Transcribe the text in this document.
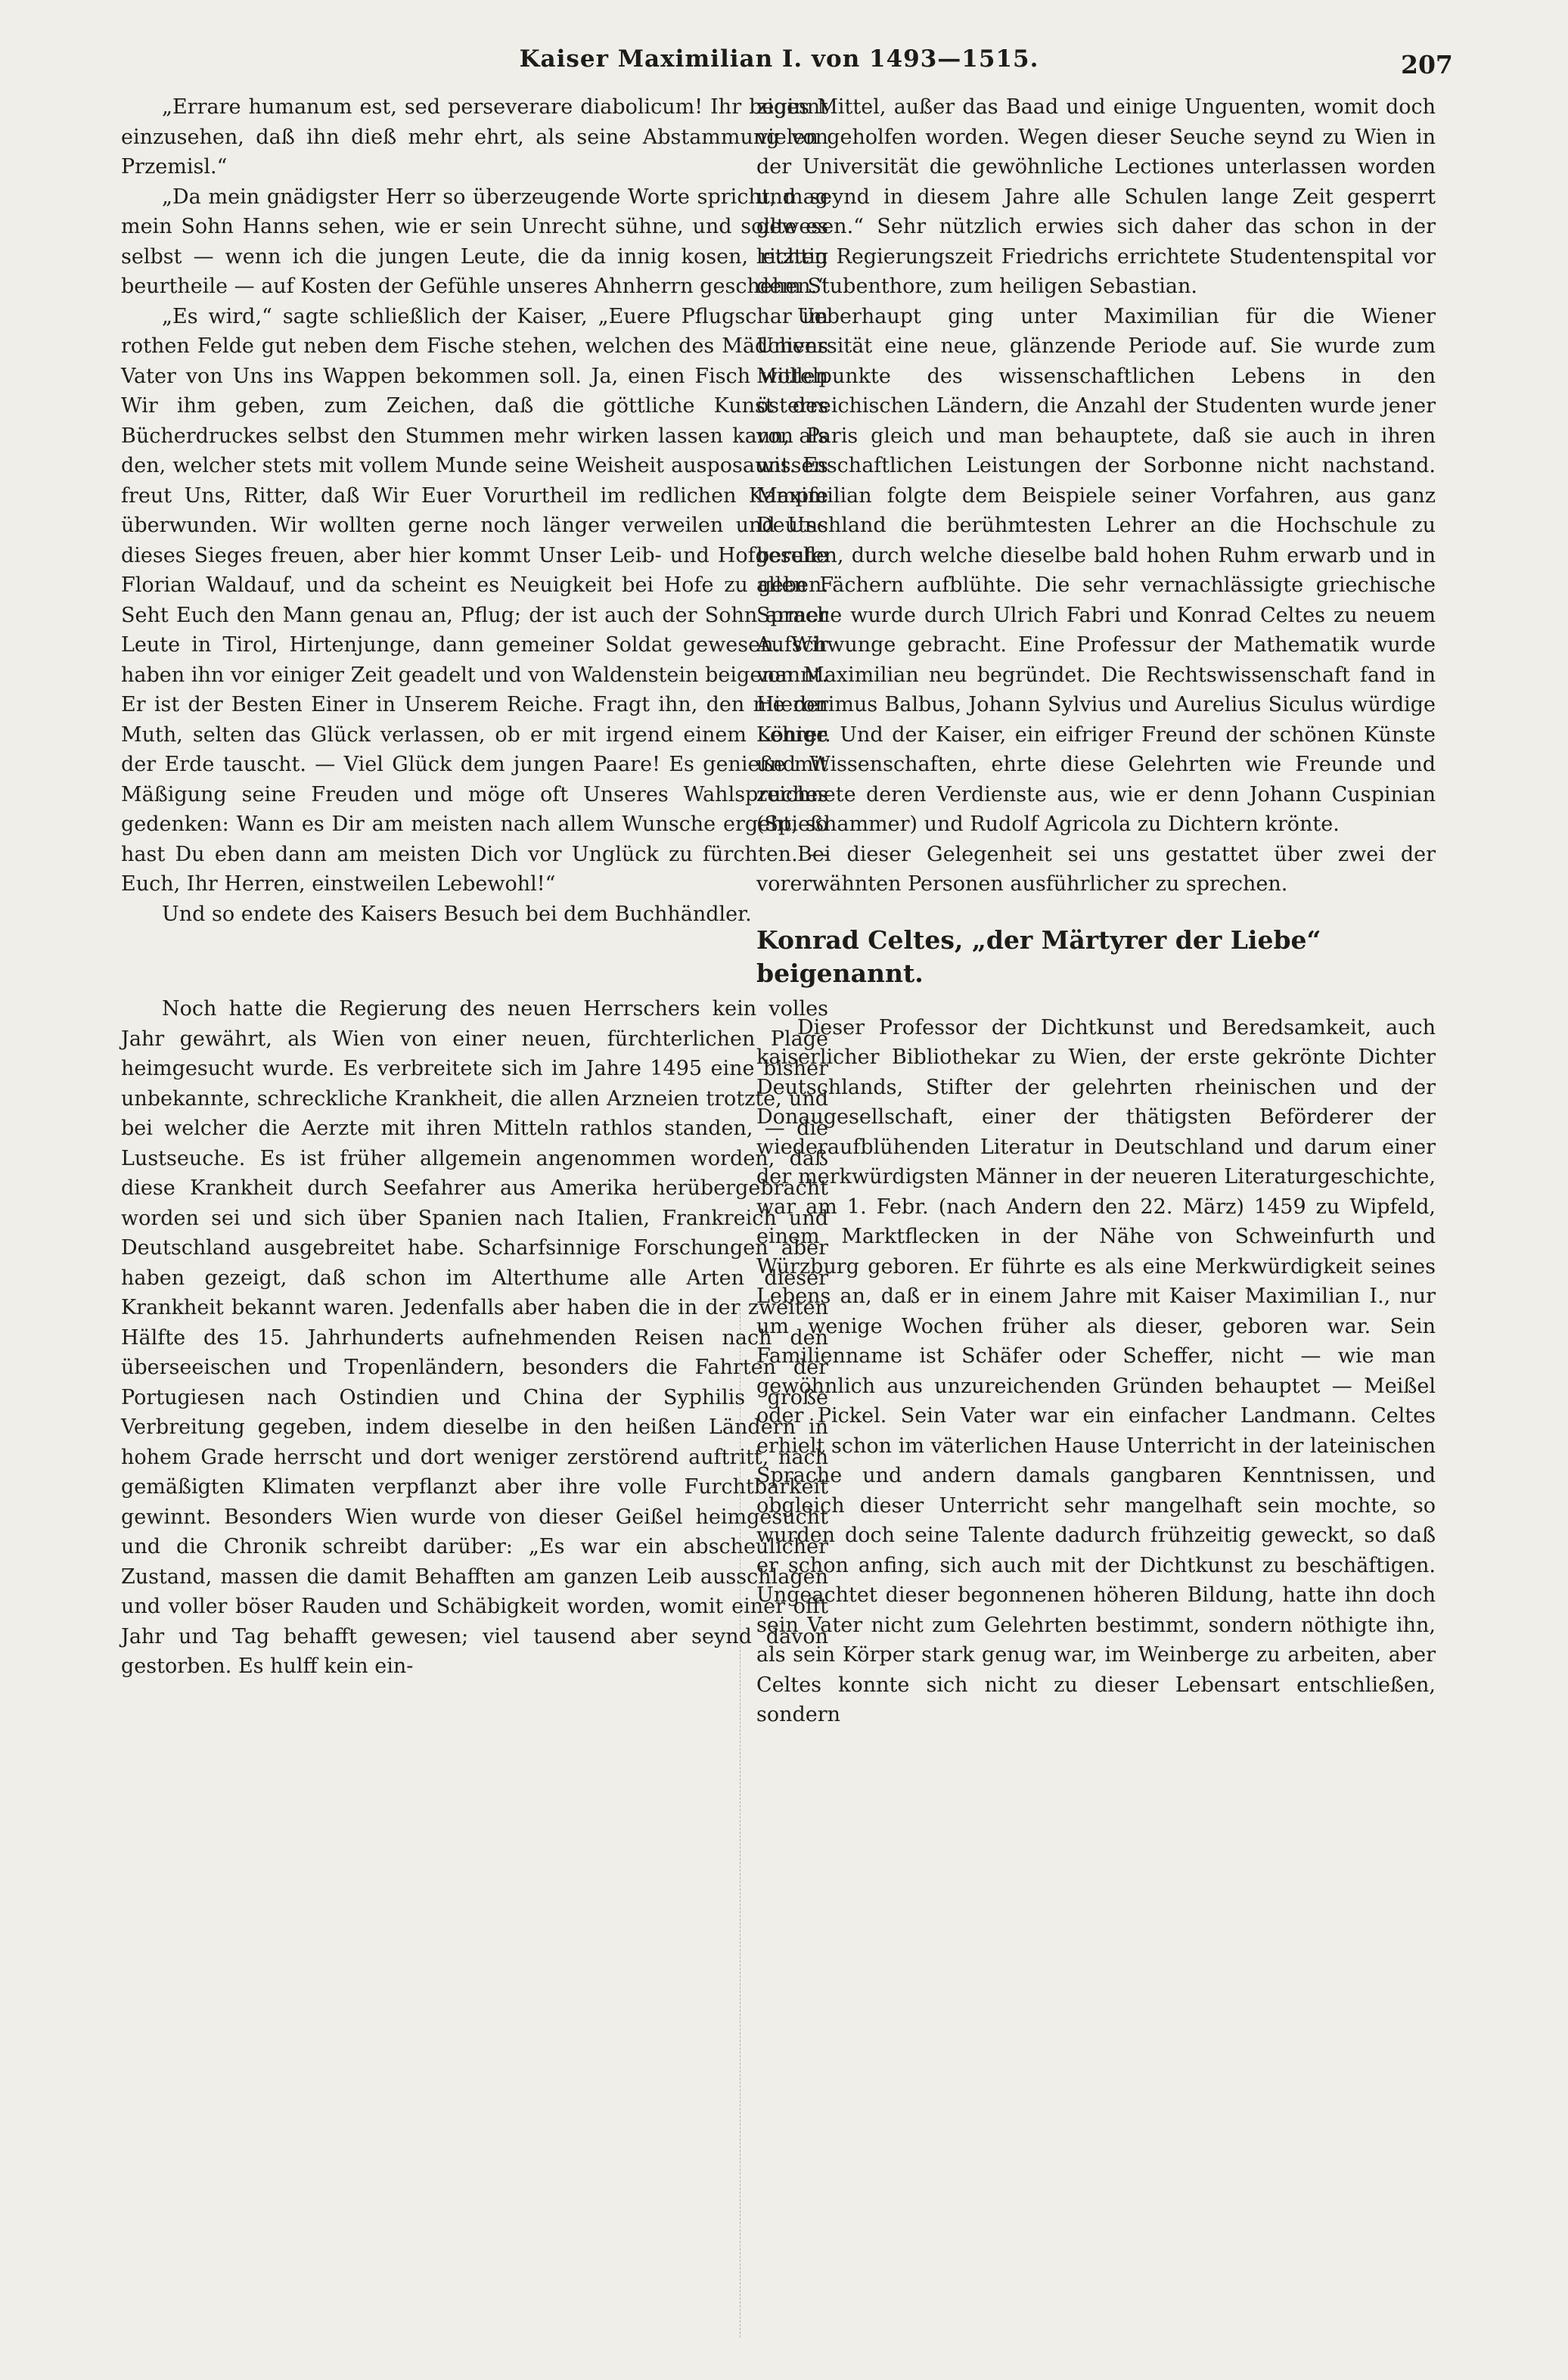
Kaiser Maximilian I. von 1493—1515.	207

„Errare humanum est, sed perseverare diabolicum! Ihr beginnt einzusehen, daß ihn dieß mehr ehrt, als seine Abstammung von Przemisl.“

„Da mein gnädigster Herr so überzeugende Worte spricht, mag mein Sohn Hanns sehen, wie er sein Unrecht sühne, und sollte es selbst — wenn ich die jungen Leute, die da innig kosen, richtig beurtheile — auf Kosten der Gefühle unseres Ahnherrn geschehen.“

„Es wird,“ sagte schließlich der Kaiser, „Euere Pflugschar im rothen Felde gut neben dem Fische stehen, welchen des Mädchens Vater von Uns ins Wappen bekommen soll. Ja, einen Fisch wollen Wir ihm geben, zum Zeichen, daß die göttliche Kunst des Bücherdruckes selbst den Stummen mehr wirken lassen kann, als den, welcher stets mit vollem Munde seine Weisheit ausposaunt. Es freut Uns, Ritter, daß Wir Euer Vorurtheil im redlichen Kampfe überwunden. Wir wollten gerne noch länger verweilen und Uns dieses Sieges freuen, aber hier kommt Unser Leib- und Hofgeselle Florian Waldauf, und da scheint es Neuigkeit bei Hofe zu geben. Seht Euch den Mann genau an, Pflug; der ist auch der Sohn armer Leute in Tirol, Hirtenjunge, dann gemeiner Soldat gewesen. Wir haben ihn vor einiger Zeit geadelt und von Waldenstein beigenannt. Er ist der Besten Einer in Unserem Reiche. Fragt ihn, den nie der Muth, selten das Glück verlassen, ob er mit irgend einem Könige der Erde tauscht. — Viel Glück dem jungen Paare! Es genieße mit Mäßigung seine Freuden und möge oft Unseres Wahlspruches gedenken: Wann es Dir am meisten nach allem Wunsche ergeht, so hast Du eben dann am meisten Dich vor Unglück zu fürchten. — Euch, Ihr Herren, einstweilen Lebewohl!“

Und so endete des Kaisers Besuch bei dem Buchhändler.

Noch hatte die Regierung des neuen Herrschers kein volles Jahr gewährt, als Wien von einer neuen, fürchterlichen Plage heimgesucht wurde. Es verbreitete sich im Jahre 1495 eine bisher unbekannte, schreckliche Krankheit, die allen Arzneien trotzte, und bei welcher die Aerzte mit ihren Mitteln rathlos standen, — die Lustseuche. Es ist früher allgemein angenommen worden, daß diese Krankheit durch Seefahrer aus Amerika herübergebracht worden sei und sich über Spanien nach Italien, Frankreich und Deutschland ausgebreitet habe. Scharfsinnige Forschungen aber haben gezeigt, daß schon im Alterthume alle Arten dieser Krankheit bekannt waren. Jedenfalls aber haben die in der zweiten Hälfte des 15. Jahrhunderts aufnehmenden Reisen nach den überseeischen und Tropenländern, besonders die Fahrten der Portugiesen nach Ostindien und China der Syphilis große Verbreitung gegeben, indem dieselbe in den heißen Ländern in hohem Grade herrscht und dort weniger zerstörend auftritt, nach gemäßigten Klimaten verpflanzt aber ihre volle Furchtbarkeit gewinnt. Besonders Wien wurde von dieser Geißel heimgesucht und die Chronik schreibt darüber: „Es war ein abscheulicher Zustand, massen die damit Behafften am ganzen Leib ausschlagen und voller böser Rauden und Schäbigkeit worden, womit einer offt Jahr und Tag behafft gewesen; viel tausend aber seynd davon gestorben. Es hulff kein ein-

ziges Mittel, außer das Baad und einige Unguenten, womit doch vielen geholfen worden. Wegen dieser Seuche seynd zu Wien in der Universität die gewöhnliche Lectiones unterlassen worden und seynd in diesem Jahre alle Schulen lange Zeit gesperrt gewesen.“ Sehr nützlich erwies sich daher das schon in der letzten Regierungszeit Friedrichs errichtete Studentenspital vor dem Stubenthore, zum heiligen Sebastian.

Ueberhaupt ging unter Maximilian für die Wiener Universität eine neue, glänzende Periode auf. Sie wurde zum Mittelpunkte des wissenschaftlichen Lebens in den österreichischen Ländern, die Anzahl der Studenten wurde jener von Paris gleich und man behauptete, daß sie auch in ihren wissenschaftlichen Leistungen der Sorbonne nicht nachstand. Maximilian folgte dem Beispiele seiner Vorfahren, aus ganz Deutschland die berühmtesten Lehrer an die Hochschule zu berufen, durch welche dieselbe bald hohen Ruhm erwarb und in allen Fächern aufblühte. Die sehr vernachlässigte griechische Sprache wurde durch Ulrich Fabri und Konrad Celtes zu neuem Aufschwunge gebracht. Eine Professur der Mathematik wurde von Maximilian neu begründet. Die Rechtswissenschaft fand in Hieronimus Balbus, Johann Sylvius und Aurelius Siculus würdige Lehrer. Und der Kaiser, ein eifriger Freund der schönen Künste und Wissenschaften, ehrte diese Gelehrten wie Freunde und zeichnete deren Verdienste aus, wie er denn Johann Cuspinian (Spießhammer) und Rudolf Agricola zu Dichtern krönte.

Bei dieser Gelegenheit sei uns gestattet über zwei der vorerwähnten Personen ausführlicher zu sprechen.

Konrad Celtes, „der Märtyrer der Liebe“ beigenannt.

Dieser Professor der Dichtkunst und Beredsamkeit, auch kaiserlicher Bibliothekar zu Wien, der erste gekrönte Dichter Deutschlands, Stifter der gelehrten rheinischen und der Donaugesellschaft, einer der thätigsten Beförderer der wiederaufblühenden Literatur in Deutschland und darum einer der merkwürdigsten Männer in der neueren Literaturgeschichte, war am 1. Febr. (nach Andern den 22. März) 1459 zu Wipfeld, einem Marktflecken in der Nähe von Schweinfurth und Würzburg geboren. Er führte es als eine Merkwürdigkeit seines Lebens an, daß er in einem Jahre mit Kaiser Maximilian I., nur um wenige Wochen früher als dieser, geboren war. Sein Familienname ist Schäfer oder Scheffer, nicht — wie man gewöhnlich aus unzureichenden Gründen behauptet — Meißel oder Pickel. Sein Vater war ein einfacher Landmann. Celtes erhielt schon im väterlichen Hause Unterricht in der lateinischen Sprache und andern damals gangbaren Kenntnissen, und obgleich dieser Unterricht sehr mangelhaft sein mochte, so wurden doch seine Talente dadurch frühzeitig geweckt, so daß er schon anfing, sich auch mit der Dichtkunst zu beschäftigen. Ungeachtet dieser begonnenen höheren Bildung, hatte ihn doch sein Vater nicht zum Gelehrten bestimmt, sondern nöthigte ihn, als sein Körper stark genug war, im Weinberge zu arbeiten, aber Celtes konnte sich nicht zu dieser Lebensart entschließen, sondern
